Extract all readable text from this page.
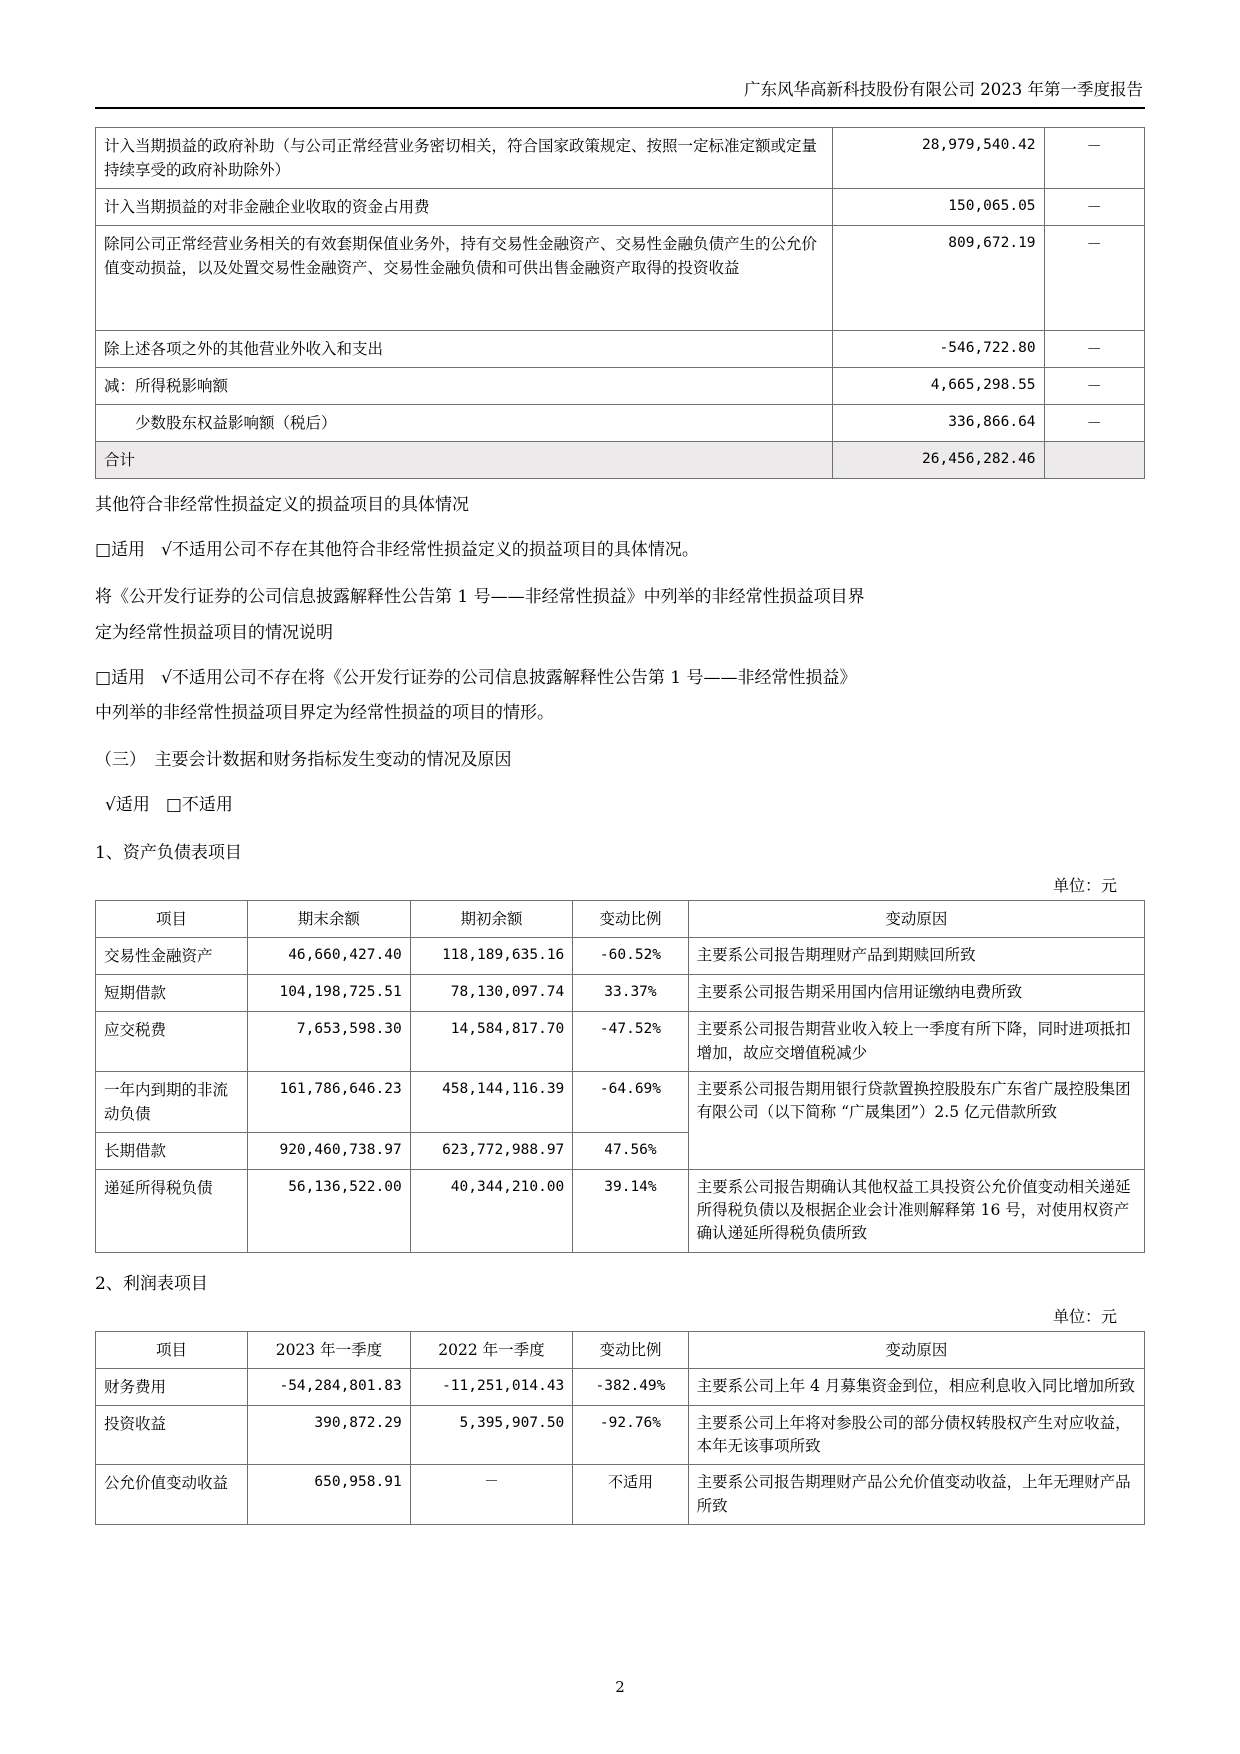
广东风华高新科技股份有限公司 2023 年第一季度报告
计入当期损益的政府补助（与公司正常经营业务密切相关，符合国家政策规定、按照一定标准定额或定量持续享受的政府补助除外）	28,979,540.42	－
计入当期损益的对非金融企业收取的资金占用费	150,065.05	－
除同公司正常经营业务相关的有效套期保值业务外，持有交易性金融资产、交易性金融负债产生的公允价值变动损益，以及处置交易性金融资产、交易性金融负债和可供出售金融资产取得的投资收益	809,672.19	－
除上述各项之外的其他营业外收入和支出	-546,722.80	－
减：所得税影响额	4,665,298.55	－
　　少数股东权益影响额（税后）	336,866.64	－
合计	26,456,282.46	
其他符合非经常性损益定义的损益项目的具体情况
□适用 √不适用公司不存在其他符合非经常性损益定义的损益项目的具体情况。
将《公开发行证券的公司信息披露解释性公告第 1 号——非经常性损益》中列举的非经常性损益项目界
定为经常性损益项目的情况说明
□适用 √不适用公司不存在将《公开发行证券的公司信息披露解释性公告第 1 号——非经常性损益》
中列举的非经常性损益项目界定为经常性损益的项目的情形。
（三）　主要会计数据和财务指标发生变动的情况及原因
√适用 □不适用
1、资产负债表项目
单位：元
项目	期末余额	期初余额	变动比例	变动原因
交易性金融资产	46,660,427.40	118,189,635.16	-60.52%	主要系公司报告期理财产品到期赎回所致
短期借款	104,198,725.51	78,130,097.74	33.37%	主要系公司报告期采用国内信用证缴纳电费所致
应交税费	7,653,598.30	14,584,817.70	-47.52%	主要系公司报告期营业收入较上一季度有所下降，同时进项抵扣增加，故应交增值税减少
一年内到期的非流动负债	161,786,646.23	458,144,116.39	-64.69%	主要系公司报告期用银行贷款置换控股股东广东省广晟控股集团有限公司（以下简称 “广晟集团”）2.5 亿元借款所致
长期借款	920,460,738.97	623,772,988.97	47.56%	
递延所得税负债	56,136,522.00	40,344,210.00	39.14%	主要系公司报告期确认其他权益工具投资公允价值变动相关递延所得税负债以及根据企业会计准则解释第 16 号，对使用权资产确认递延所得税负债所致
2、利润表项目
单位：元
项目	2023 年一季度	2022 年一季度	变动比例	变动原因
财务费用	-54,284,801.83	-11,251,014.43	-382.49%	主要系公司上年 4 月募集资金到位，相应利息收入同比增加所致
投资收益	390,872.29	5,395,907.50	-92.76%	主要系公司上年将对参股公司的部分债权转股权产生对应收益，本年无该事项所致
公允价值变动收益	650,958.91	－	不适用	主要系公司报告期理财产品公允价值变动收益，上年无理财产品所致
2
